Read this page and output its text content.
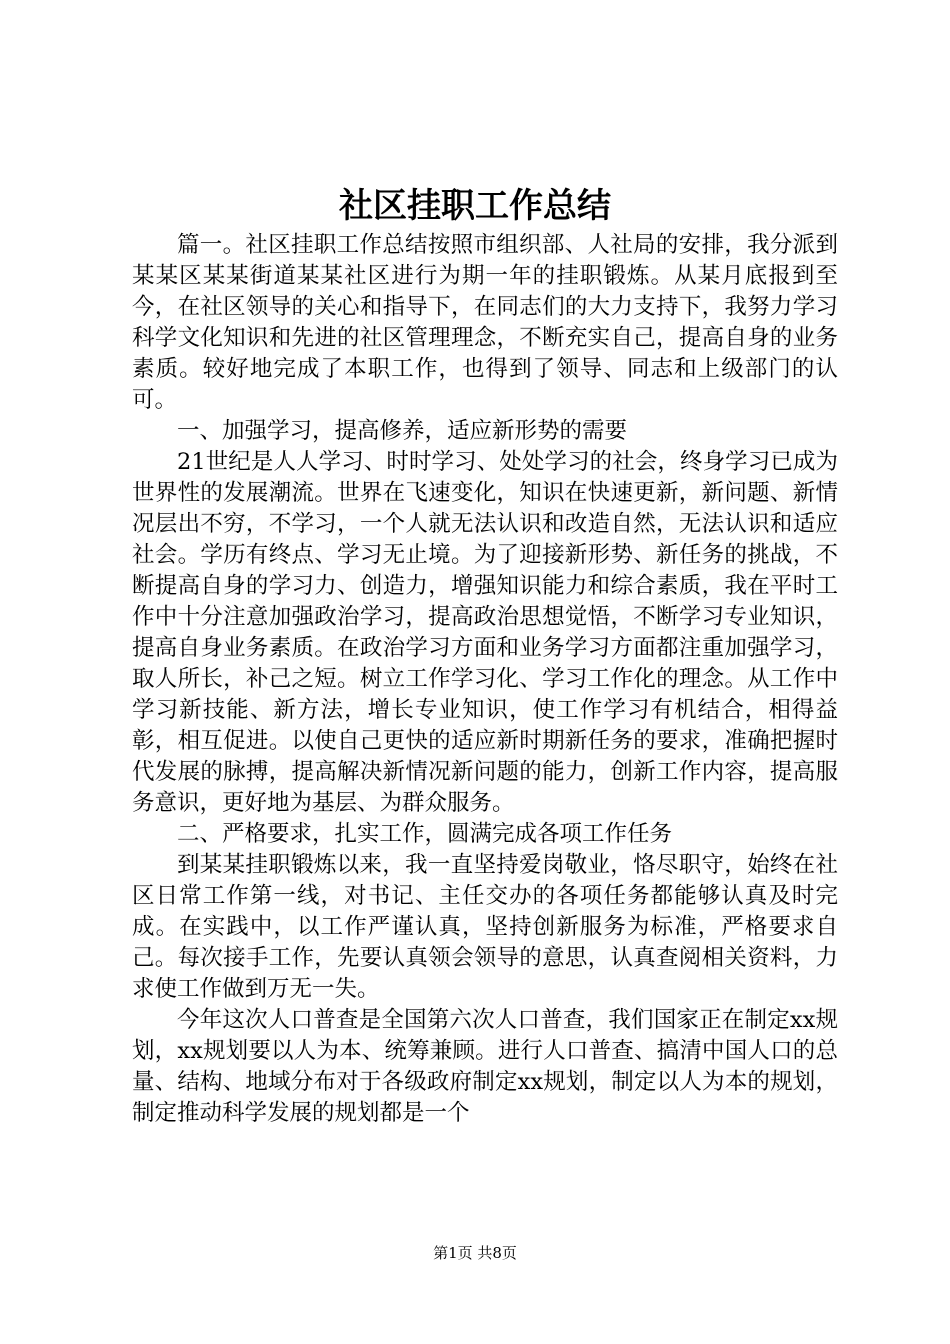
社区挂职工作总结

篇一。社区挂职工作总结按照市组织部、人社局的安排，我分派到某某区某某街道某某社区进行为期一年的挂职锻炼。从某月底报到至今，在社区领导的关心和指导下，在同志们的大力支持下，我努力学习科学文化知识和先进的社区管理理念，不断充实自己，提高自身的业务素质。较好地完成了本职工作，也得到了领导、同志和上级部门的认可。

一、加强学习，提高修养，适应新形势的需要

21世纪是人人学习、时时学习、处处学习的社会，终身学习已成为世界性的发展潮流。世界在飞速变化，知识在快速更新，新问题、新情况层出不穷，不学习，一个人就无法认识和改造自然，无法认识和适应社会。学历有终点、学习无止境。为了迎接新形势、新任务的挑战，不断提高自身的学习力、创造力，增强知识能力和综合素质，我在平时工作中十分注意加强政治学习，提高政治思想觉悟，不断学习专业知识，提高自身业务素质。在政治学习方面和业务学习方面都注重加强学习，取人所长，补己之短。树立工作学习化、学习工作化的理念。从工作中学习新技能、新方法，增长专业知识，使工作学习有机结合，相得益彰，相互促进。以使自己更快的适应新时期新任务的要求，准确把握时代发展的脉搏，提高解决新情况新问题的能力，创新工作内容，提高服务意识，更好地为基层、为群众服务。

二、严格要求，扎实工作，圆满完成各项工作任务

到某某挂职锻炼以来，我一直坚持爱岗敬业，恪尽职守，始终在社区日常工作第一线，对书记、主任交办的各项任务都能够认真及时完成。在实践中，以工作严谨认真，坚持创新服务为标准，严格要求自己。每次接手工作，先要认真领会领导的意思，认真查阅相关资料，力求使工作做到万无一失。

今年这次人口普查是全国第六次人口普查，我们国家正在制定xx规划，xx规划要以人为本、统筹兼顾。进行人口普查、搞清中国人口的总量、结构、地域分布对于各级政府制定xx规划，制定以人为本的规划，制定推动科学发展的规划都是一个

第1页 共8页
